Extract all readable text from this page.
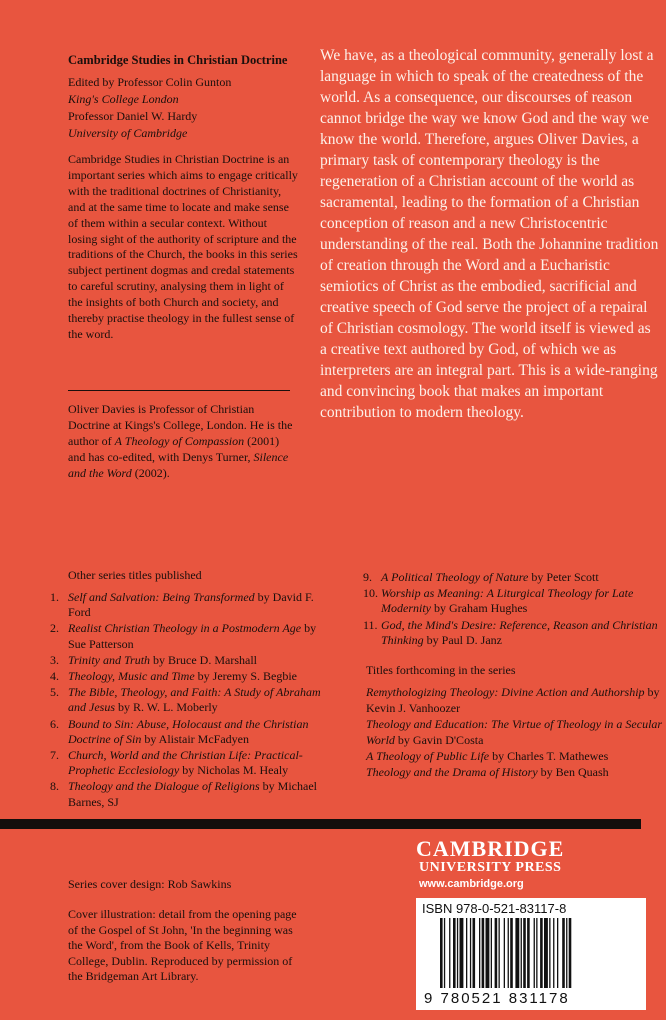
Cambridge Studies in Christian Doctrine
Edited by Professor Colin Gunton
King's College London
Professor Daniel W. Hardy
University of Cambridge
Cambridge Studies in Christian Doctrine is an important series which aims to engage critically with the traditional doctrines of Christianity, and at the same time to locate and make sense of them within a secular context. Without losing sight of the authority of scripture and the traditions of the Church, the books in this series subject pertinent dogmas and credal statements to careful scrutiny, analysing them in light of the insights of both Church and society, and thereby practise theology in the fullest sense of the word.
Oliver Davies is Professor of Christian Doctrine at Kings's College, London. He is the author of A Theology of Compassion (2001) and has co-edited, with Denys Turner, Silence and the Word (2002).
We have, as a theological community, generally lost a language in which to speak of the createdness of the world. As a consequence, our discourses of reason cannot bridge the way we know God and the way we know the world. Therefore, argues Oliver Davies, a primary task of contemporary theology is the regeneration of a Christian account of the world as sacramental, leading to the formation of a Christian conception of reason and a new Christocentric understanding of the real. Both the Johannine tradition of creation through the Word and a Eucharistic semiotics of Christ as the embodied, sacrificial and creative speech of God serve the project of a repairal of Christian cosmology. The world itself is viewed as a creative text authored by God, of which we as interpreters are an integral part. This is a wide-ranging and convincing book that makes an important contribution to modern theology.
Other series titles published
1. Self and Salvation: Being Transformed by David F. Ford
2. Realist Christian Theology in a Postmodern Age by Sue Patterson
3. Trinity and Truth by Bruce D. Marshall
4. Theology, Music and Time by Jeremy S. Begbie
5. The Bible, Theology, and Faith: A Study of Abraham and Jesus by R. W. L. Moberly
6. Bound to Sin: Abuse, Holocaust and the Christian Doctrine of Sin by Alistair McFadyen
7. Church, World and the Christian Life: Practical-Prophetic Ecclesiology by Nicholas M. Healy
8. Theology and the Dialogue of Religions by Michael Barnes, SJ
9. A Political Theology of Nature by Peter Scott
10. Worship as Meaning: A Liturgical Theology for Late Modernity by Graham Hughes
11. God, the Mind's Desire: Reference, Reason and Christian Thinking by Paul D. Janz
Titles forthcoming in the series
Remythologizing Theology: Divine Action and Authorship by Kevin J. Vanhoozer
Theology and Education: The Virtue of Theology in a Secular World by Gavin D'Costa
A Theology of Public Life by Charles T. Mathewes
Theology and the Drama of History by Ben Quash
Series cover design: Rob Sawkins
Cover illustration: detail from the opening page of the Gospel of St John, 'In the beginning was the Word', from the Book of Kells, Trinity College, Dublin. Reproduced by permission of the Bridgeman Art Library.
CAMBRIDGE
UNIVERSITY PRESS
www.cambridge.org
ISBN 978-0-521-83117-8
9 780521 831178
